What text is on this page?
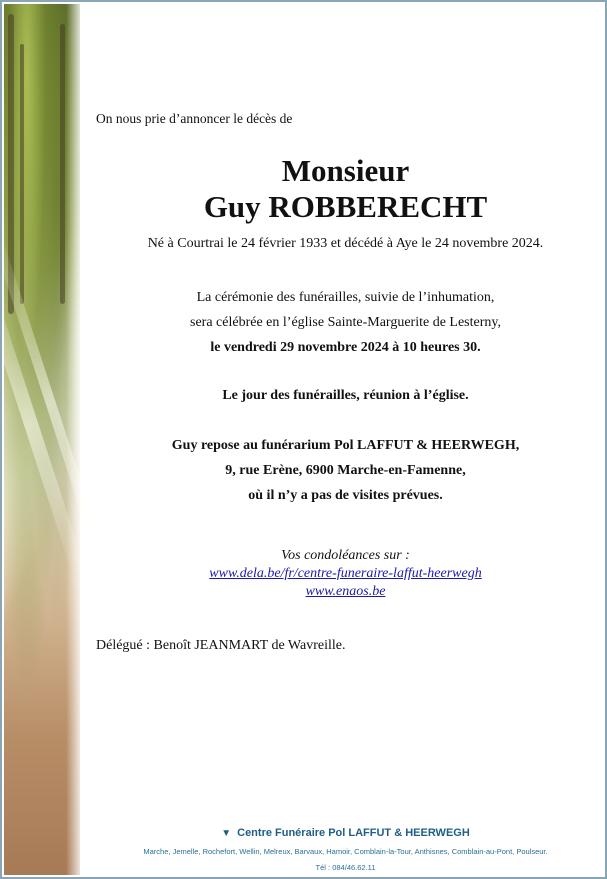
On nous prie d’annoncer le décès de
Monsieur
Guy ROBBERECHT
Né à Courtrai le 24 février 1933 et décédé à Aye le 24 novembre 2024.
La cérémonie des funérailles, suivie de l’inhumation,
sera célébrée en l’église Sainte-Marguerite de Lesterny,
le vendredi 29 novembre 2024 à 10 heures 30.
Le jour des funérailles, réunion à l’église.
Guy repose au funérarium Pol LAFFUT & HEERWEGH,
9, rue Erène, 6900 Marche-en-Famenne,
où il n’y a pas de visites prévues.
Vos condoléances sur :
www.dela.be/fr/centre-funeraire-laffut-heerwegh
www.enaos.be
Délégué : Benoît JEANMART de Wavreille.
▼ Centre Funéraire Pol LAFFUT & HEERWEGH
Marche, Jemelle, Rochefort, Wellin, Melreux, Barvaux, Hamoir, Comblain-la-Tour, Anthisnes, Comblain-au-Pont, Poulseur.
Tél : 084/46.62.11
